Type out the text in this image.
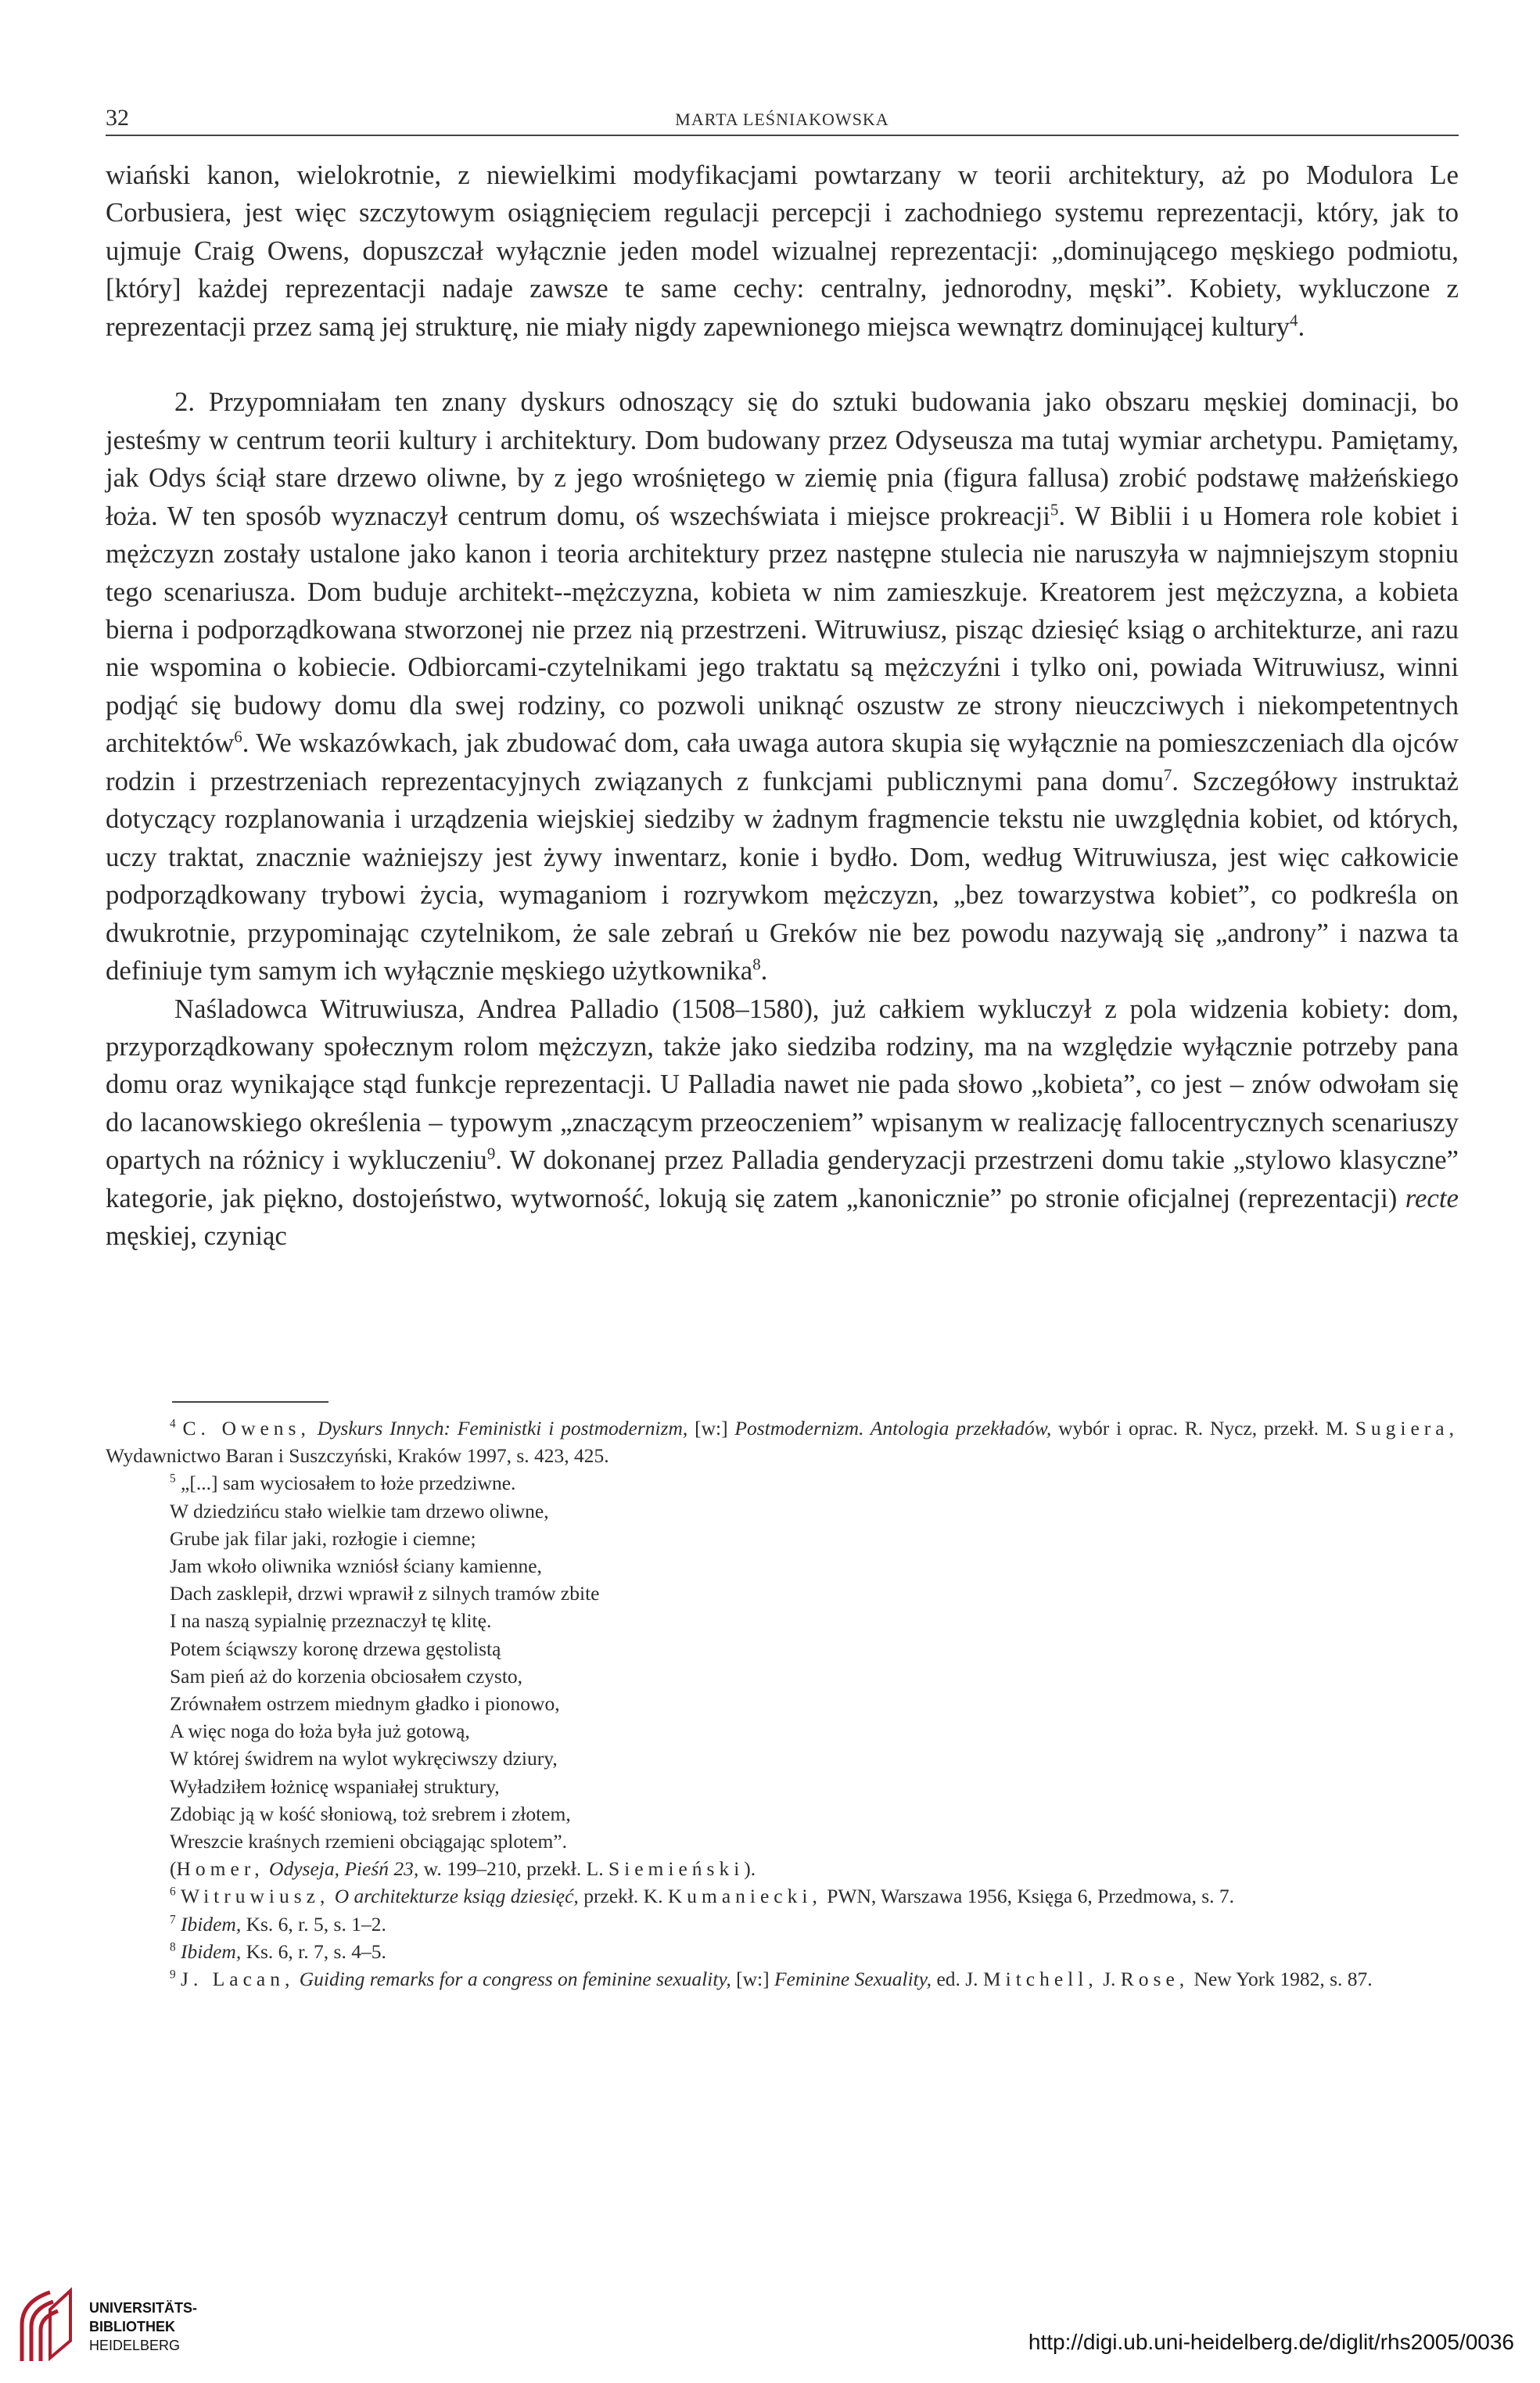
32	MARTA LEŚNIAKOWSKA

wiański kanon, wielokrotnie, z niewielkimi modyfikacjami powtarzany w teorii architektury, aż po Modulora Le Corbusiera, jest więc szczytowym osiągnięciem regulacji percepcji i zachodniego systemu reprezentacji, który, jak to ujmuje Craig Owens, dopuszczał wyłącznie jeden model wizualnej reprezentacji: „dominującego męskiego podmiotu, [który] każdej reprezentacji nadaje zawsze te same cechy: centralny, jednorodny, męski”. Kobiety, wykluczone z reprezentacji przez samą jej strukturę, nie miały nigdy zapewnionego miejsca wewnątrz dominującej kultury$^4$.

2. Przypomniałam ten znany dyskurs odnoszący się do sztuki budowania jako obszaru męskiej dominacji, bo jesteśmy w centrum teorii kultury i architektury. Dom budowany przez Odyseusza ma tutaj wymiar archetypu. Pamiętamy, jak Odys ściął stare drzewo oliwne, by z jego wrośniętego w ziemię pnia (figura fallusa) zrobić podstawę małżeńskiego łoża. W ten sposób wyznaczył centrum domu, oś wszechświata i miejsce prokreacji$^5$. W Biblii i u Homera role kobiet i mężczyzn zostały ustalone jako kanon i teoria architektury przez następne stulecia nie naruszyła w najmniejszym stopniu tego scenariusza. Dom buduje architekt-‑mężczyzna, kobieta w nim zamieszkuje. Kreatorem jest mężczyzna, a kobieta bierna i podporządkowana stworzonej nie przez nią przestrzeni. Witruwiusz, pisząc dziesięć ksiąg o architekturze, ani razu nie wspomina o kobiecie. Odbiorcami-czytelnikami jego traktatu są mężczyźni i tylko oni, powiada Witruwiusz, winni podjąć się budowy domu dla swej rodziny, co pozwoli uniknąć oszustw ze strony nieuczciwych i niekompetentnych architektów$^6$. We wskazówkach, jak zbudować dom, cała uwaga autora skupia się wyłącznie na pomieszczeniach dla ojców rodzin i przestrzeniach reprezentacyjnych związanych z funkcjami publicznymi pana domu$^7$. Szczegółowy instruktaż dotyczący rozplanowania i urządzenia wiejskiej siedziby w żadnym fragmencie tekstu nie uwzględnia kobiet, od których, uczy traktat, znacznie ważniejszy jest żywy inwentarz, konie i bydło. Dom, według Witruwiusza, jest więc całkowicie podporządkowany trybowi życia, wymaganiom i rozrywkom mężczyzn, „bez towarzystwa kobiet”, co podkreśla on dwukrotnie, przypominając czytelnikom, że sale zebrań u Greków nie bez powodu nazywają się „androny” i nazwa ta definiuje tym samym ich wyłącznie męskiego użytkownika$^8$.

Naśladowca Witruwiusza, Andrea Palladio (1508–1580), już całkiem wykluczył z pola widzenia kobiety: dom, przyporządkowany społecznym rolom mężczyzn, także jako siedziba rodziny, ma na względzie wyłącznie potrzeby pana domu oraz wynikające stąd funkcje reprezentacji. U Palladia nawet nie pada słowo „kobieta”, co jest – znów odwołam się do lacanowskiego określenia – typowym „znaczącym przeoczeniem” wpisanym w realizację fallocentrycznych scenariuszy opartych na różnicy i wykluczeniu$^9$. W dokonanej przez Palladia genderyzacji przestrzeni domu takie „stylowo klasyczne” kategorie, jak piękno, dostojeństwo, wytworność, lokują się zatem „kanonicznie” po stronie oficjalnej (reprezentacji) recte męskiej, czyniąc

$^4$ C. Owens, Dyskurs Innych: Feministki i postmodernizm, [w:] Postmodernizm. Antologia przekładów, wybór i oprac. R. Nycz, przekł. M. Sugiera, Wydawnictwo Baran i Suszczyński, Kraków 1997, s. 423, 425.

$^5$ „[...] sam wyciosałem to łoże przedziwne.

W dziedzińcu stało wielkie tam drzewo oliwne,

Grube jak filar jaki, rozłogie i ciemne;

Jam wkoło oliwnika wzniósł ściany kamienne,

Dach zasklepił, drzwi wprawił z silnych tramów zbite

I na naszą sypialnię przeznaczył tę klitę.

Potem ściąwszy koronę drzewa gęstolistą

Sam pień aż do korzenia obciosałem czysto,

Zrównałem ostrzem miednym gładko i pionowo,

A więc noga do łoża była już gotową,

W której świdrem na wylot wykręciwszy dziury,

Wyładziłem łożnicę wspaniałej struktury,

Zdobiąc ją w kość słoniową, toż srebrem i złotem,

Wreszcie kraśnych rzemieni obciągając splotem”.

(Homer, Odyseja, Pieśń 23, w. 199–210, przekł. L. Siemieński).

$^6$ Witruwiusz, O architekturze ksiąg dziesięć, przekł. K. Kumaniecki, PWN, Warszawa 1956, Księga 6, Przedmowa, s. 7.

$^7$ Ibidem, Ks. 6, r. 5, s. 1–2.

$^8$ Ibidem, Ks. 6, r. 7, s. 4–5.

$^9$ J. Lacan, Guiding remarks for a congress on feminine sexuality, [w:] Feminine Sexuality, ed. J. Mitchell, J. Rose, New York 1982, s. 87.

UNIVERSITÄTS-
BIBLIOTHEK
HEIDELBERG	http://digi.ub.uni-heidelberg.de/diglit/rhs2005/0036
